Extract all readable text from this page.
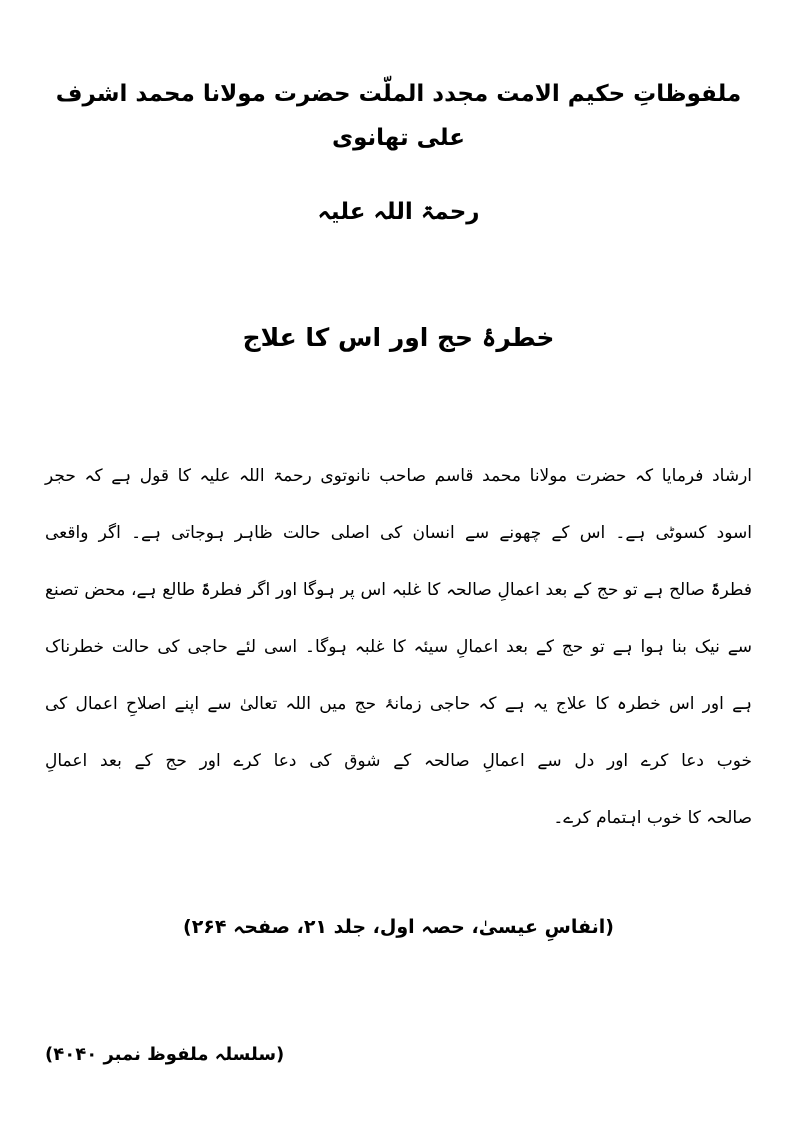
ملفوظاتِ حکیم الامت مجدد الملّت حضرت مولانا محمد اشرف علی تھانوی
رحمۃ اللہ علیہ
خطرۂ حج اور اس کا علاج
ارشاد فرمایا کہ حضرت مولانا محمد قاسم صاحب نانوتوی رحمۃ اللہ علیہ کا قول ہے کہ حجر
اسود کسوٹی ہے۔ اس کے چھونے سے انسان کی اصلی حالت ظاہر ہوجاتی ہے۔ اگر واقعی
فطرۃً صالح ہے تو حج کے بعد اعمالِ صالحہ کا غلبہ اس پر ہوگا اور اگر فطرۃً طالع ہے، محض تصنع
سے نیک بنا ہوا ہے تو حج کے بعد اعمالِ سیئہ کا غلبہ ہوگا۔ اسی لئے حاجی کی حالت خطرناک
ہے اور اس خطرہ کا علاج یہ ہے کہ حاجی زمانۂ حج میں اللہ تعالیٰ سے اپنے اصلاحِ اعمال کی
خوب دعا کرے اور دل سے اعمالِ صالحہ کے شوق کی دعا کرے اور حج کے بعد اعمالِ
صالحہ کا خوب اہتمام کرے۔
(انفاسِ عیسیٰ، حصہ اول، جلد ۲۱، صفحہ ۲۶۴)
(سلسلہ ملفوظ نمبر ۴۰۴۰)
